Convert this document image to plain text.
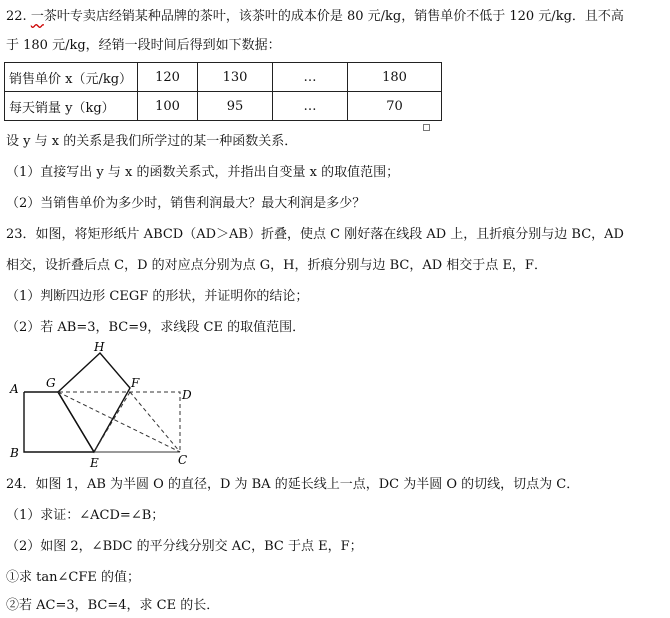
22. 一茶叶专卖店经销某种品牌的茶叶，该茶叶的成本价是 80 元/kg，销售单价不低于 120 元/kg．且不高
于 180 元/kg，经销一段时间后得到如下数据：
销售单价 x（元/kg）	120	130	…	180
每天销量 y（kg）	100	95	…	70
设 y 与 x 的关系是我们所学过的某一种函数关系．
（1）直接写出 y 与 x 的函数关系式，并指出自变量 x 的取值范围；
（2）当销售单价为多少时，销售利润最大？最大利润是多少？
23．如图，将矩形纸片 ABCD（AD＞AB）折叠，使点 C 刚好落在线段 AD 上，且折痕分别与边 BC，AD
相交，设折叠后点 C，D 的对应点分别为点 G，H，折痕分别与边 BC，AD 相交于点 E，F．
（1）判断四边形 CEGF 的形状，并证明你的结论；
（2）若 AB=3，BC=9，求线段 CE 的取值范围．
H
G	F
A	D
B
E	C
24．如图 1，AB 为半圆 O 的直径，D 为 BA 的延长线上一点，DC 为半圆 O 的切线，切点为 C．
（1）求证：∠ACD=∠B；
（2）如图 2，∠BDC 的平分线分别交 AC，BC 于点 E，F；
①求 tan∠CFE 的值；
②若 AC=3，BC=4，求 CE 的长．
